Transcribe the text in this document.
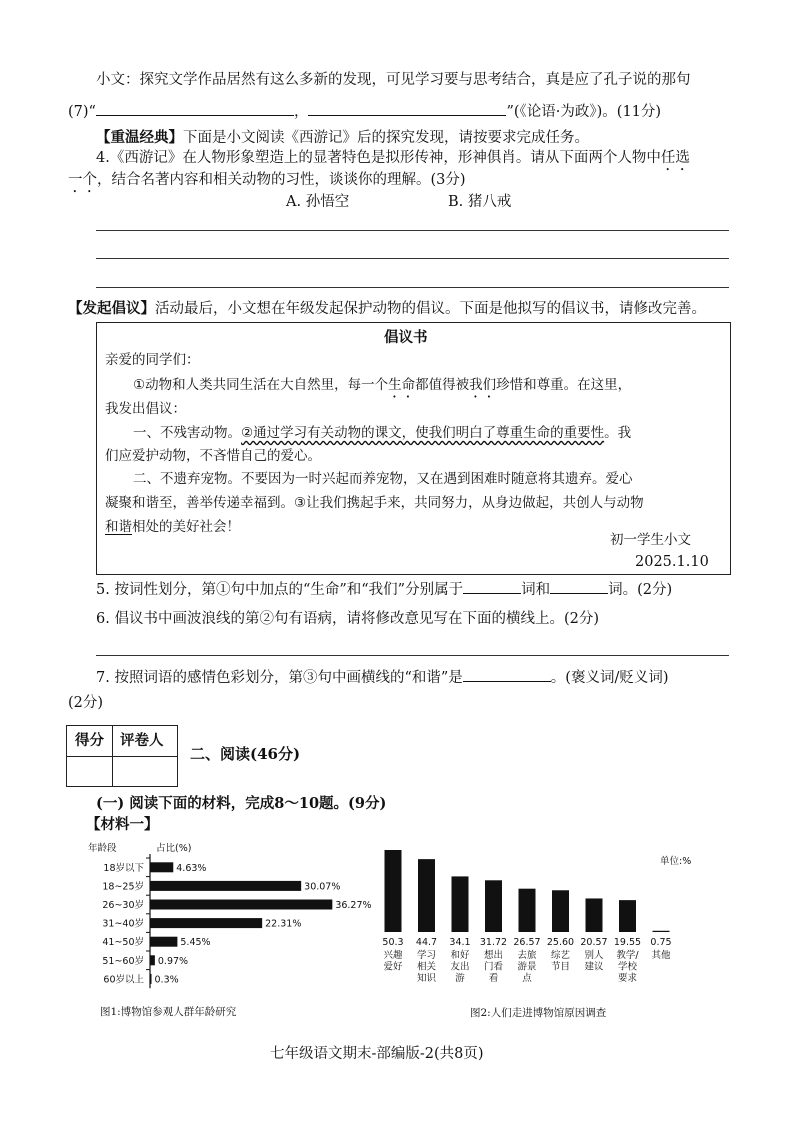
小文：探究文学作品居然有这么多新的发现，可见学习要与思考结合，真是应了孔子说的那句
(7)“	，	”(《论语·为政》)。(11分)
【重温经典】下面是小文阅读《西游记》后的探究发现，请按要求完成任务。
4.《西游记》在人物形象塑造上的显著特色是拟形传神，形神俱肖。请从下面两个人物中任选
一个，结合名著内容和相关动物的习性，谈谈你的理解。(3分)
A. 孙悟空	B. 猪八戒
【发起倡议】活动最后，小文想在年级发起保护动物的倡议。下面是他拟写的倡议书，请修改完善。
倡议书
亲爱的同学们：
①动物和人类共同生活在大自然里，每一个生命都值得被我们珍惜和尊重。在这里，
我发出倡议：
一、不残害动物。②通过学习有关动物的课文，使我们明白了尊重生命的重要性。我
们应爱护动物，不吝惜自己的爱心。
二、不遗弃宠物。不要因为一时兴起而养宠物，又在遇到困难时随意将其遗弃。爱心
凝聚和谐至，善举传递幸福到。③让我们携起手来，共同努力，从身边做起，共创人与动物
和谐相处的美好社会！
初一学生小文
2025.1.10
5. 按词性划分，第①句中加点的“生命”和“我们”分别属于	词和	词。(2分)
6. 倡议书中画波浪线的第②句有语病，请将修改意见写在下面的横线上。(2分)
7. 按照词语的感情色彩划分，第③句中画横线的“和谐”是	。(褒义词/贬义词)
(2分)
得分 评卷人
二、阅读(46分)
(一) 阅读下面的材料，完成8～10题。(9分)
【材料一】
年龄段	占比(%)
18岁以下	4.63%
18~25岁	30.07%
26~30岁	36.27%
31~40岁	22.31%
41~50岁	5.45%
51~60岁 0.97%
60岁以上 0.3%
图1:博物馆参观人群年龄研究
单位:%
50.3
兴趣
爱好
44.7
学习
相关
知识
34.1
和好
友出
游
31.72
想出
门看
看
26.57
去旅
游景
点
25.60
综艺
节目
20.57
别人
建议
19.55
教学/
学校
要求
0.75
其他
图2:人们走进博物馆原因调查
七年级语文期末-部编版-2(共8页)
